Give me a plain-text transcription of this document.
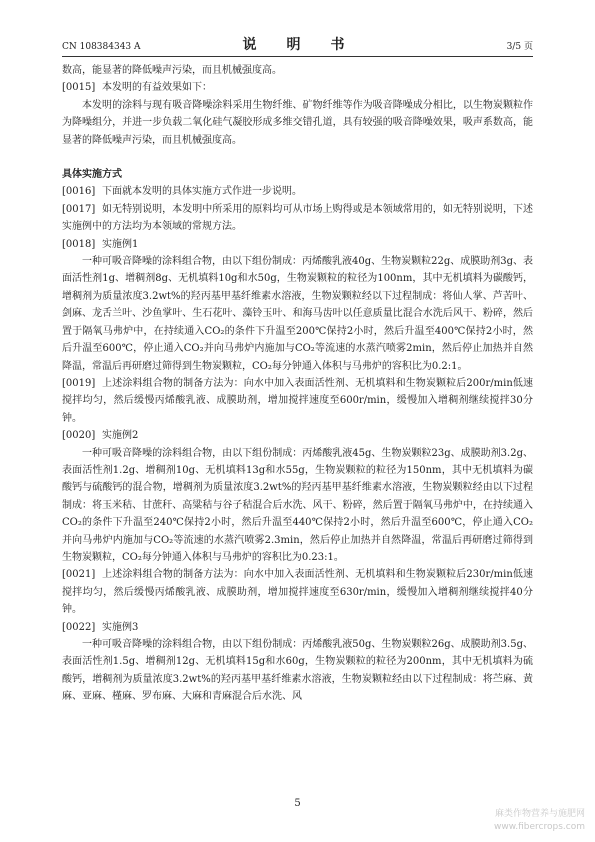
CN 108384343 A	说　明　书	3/5 页

数高，能显著的降低噪声污染，而且机械强度高。

[0015] 本发明的有益效果如下：

本发明的涂料与现有吸音降噪涂料采用生物纤维、矿物纤维等作为吸音降噪成分相比，以生物炭颗粒作为降噪组分，并进一步负载二氧化硅气凝胶形成多维交错孔道，具有较强的吸音降噪效果，吸声系数高，能显著的降低噪声污染，而且机械强度高。

具体实施方式

[0016] 下面就本发明的具体实施方式作进一步说明。

[0017] 如无特别说明，本发明中所采用的原料均可从市场上购得或是本领域常用的，如无特别说明，下述实施例中的方法均为本领域的常规方法。

[0018] 实施例1

一种可吸音降噪的涂料组合物，由以下组份制成：丙烯酸乳液40g、生物炭颗粒22g、成膜助剂3g、表面活性剂1g、增稠剂8g、无机填料10g和水50g，生物炭颗粒的粒径为100nm，其中无机填料为碳酸钙，增稠剂为质量浓度3.2wt%的羟丙基甲基纤维素水溶液，生物炭颗粒经以下过程制成：将仙人掌、芦苦叶、剑麻、龙舌兰叶、沙鱼掌叶、生石花叶、藻铃玉叶、和海马齿叶以任意质量比混合水洗后风干、粉碎，然后置于隔氧马弗炉中，在持续通入CO₂的条件下升温至200℃保持2小时，然后升温至400℃保持2小时，然后升温至600℃，停止通入CO₂并向马弗炉内施加与CO₂等流速的水蒸汽喷雾2min，然后停止加热并自然降温，常温后再研磨过筛得到生物炭颗粒，CO₂每分钟通入体积与马弗炉的容积比为0.2:1。

[0019] 上述涂料组合物的制备方法为：向水中加入表面活性剂、无机填料和生物炭颗粒后200r/min低速搅拌均匀，然后缓慢丙烯酸乳液、成膜助剂，增加搅拌速度至600r/min，缓慢加入增稠剂继续搅拌30分钟。

[0020] 实施例2

一种可吸音降噪的涂料组合物，由以下组份制成：丙烯酸乳液45g、生物炭颗粒23g、成膜助剂3.2g、表面活性剂1.2g、增稠剂10g、无机填料13g和水55g，生物炭颗粒的粒径为150nm，其中无机填料为碳酸钙与硫酸钙的混合物，增稠剂为质量浓度3.2wt%的羟丙基甲基纤维素水溶液，生物炭颗粒经由以下过程制成：将玉米秸、甘蔗秆、高粱秸与谷子秸混合后水洗、风干、粉碎，然后置于隔氧马弗炉中，在持续通入CO₂的条件下升温至240℃保持2小时，然后升温至440℃保持2小时，然后升温至600℃，停止通入CO₂并向马弗炉内施加与CO₂等流速的水蒸汽喷雾2.3min，然后停止加热并自然降温，常温后再研磨过筛得到生物炭颗粒，CO₂每分钟通入体积与马弗炉的容积比为0.23:1。

[0021] 上述涂料组合物的制备方法为：向水中加入表面活性剂、无机填料和生物炭颗粒后230r/min低速搅拌均匀，然后缓慢丙烯酸乳液、成膜助剂，增加搅拌速度至630r/min，缓慢加入增稠剂继续搅拌40分钟。

[0022] 实施例3

一种可吸音降噪的涂料组合物，由以下组份制成：丙烯酸乳液50g、生物炭颗粒26g、成膜助剂3.5g、表面活性剂1.5g、增稠剂12g、无机填料15g和水60g，生物炭颗粒的粒径为200nm，其中无机填料为硫酸钙，增稠剂为质量浓度3.2wt%的羟丙基甲基纤维素水溶液，生物炭颗粒经由以下过程制成：将苎麻、黄麻、亚麻、槿麻、罗布麻、大麻和青麻混合后水洗、风

5
麻类作物营养与施肥网
www.fibercrops.com
